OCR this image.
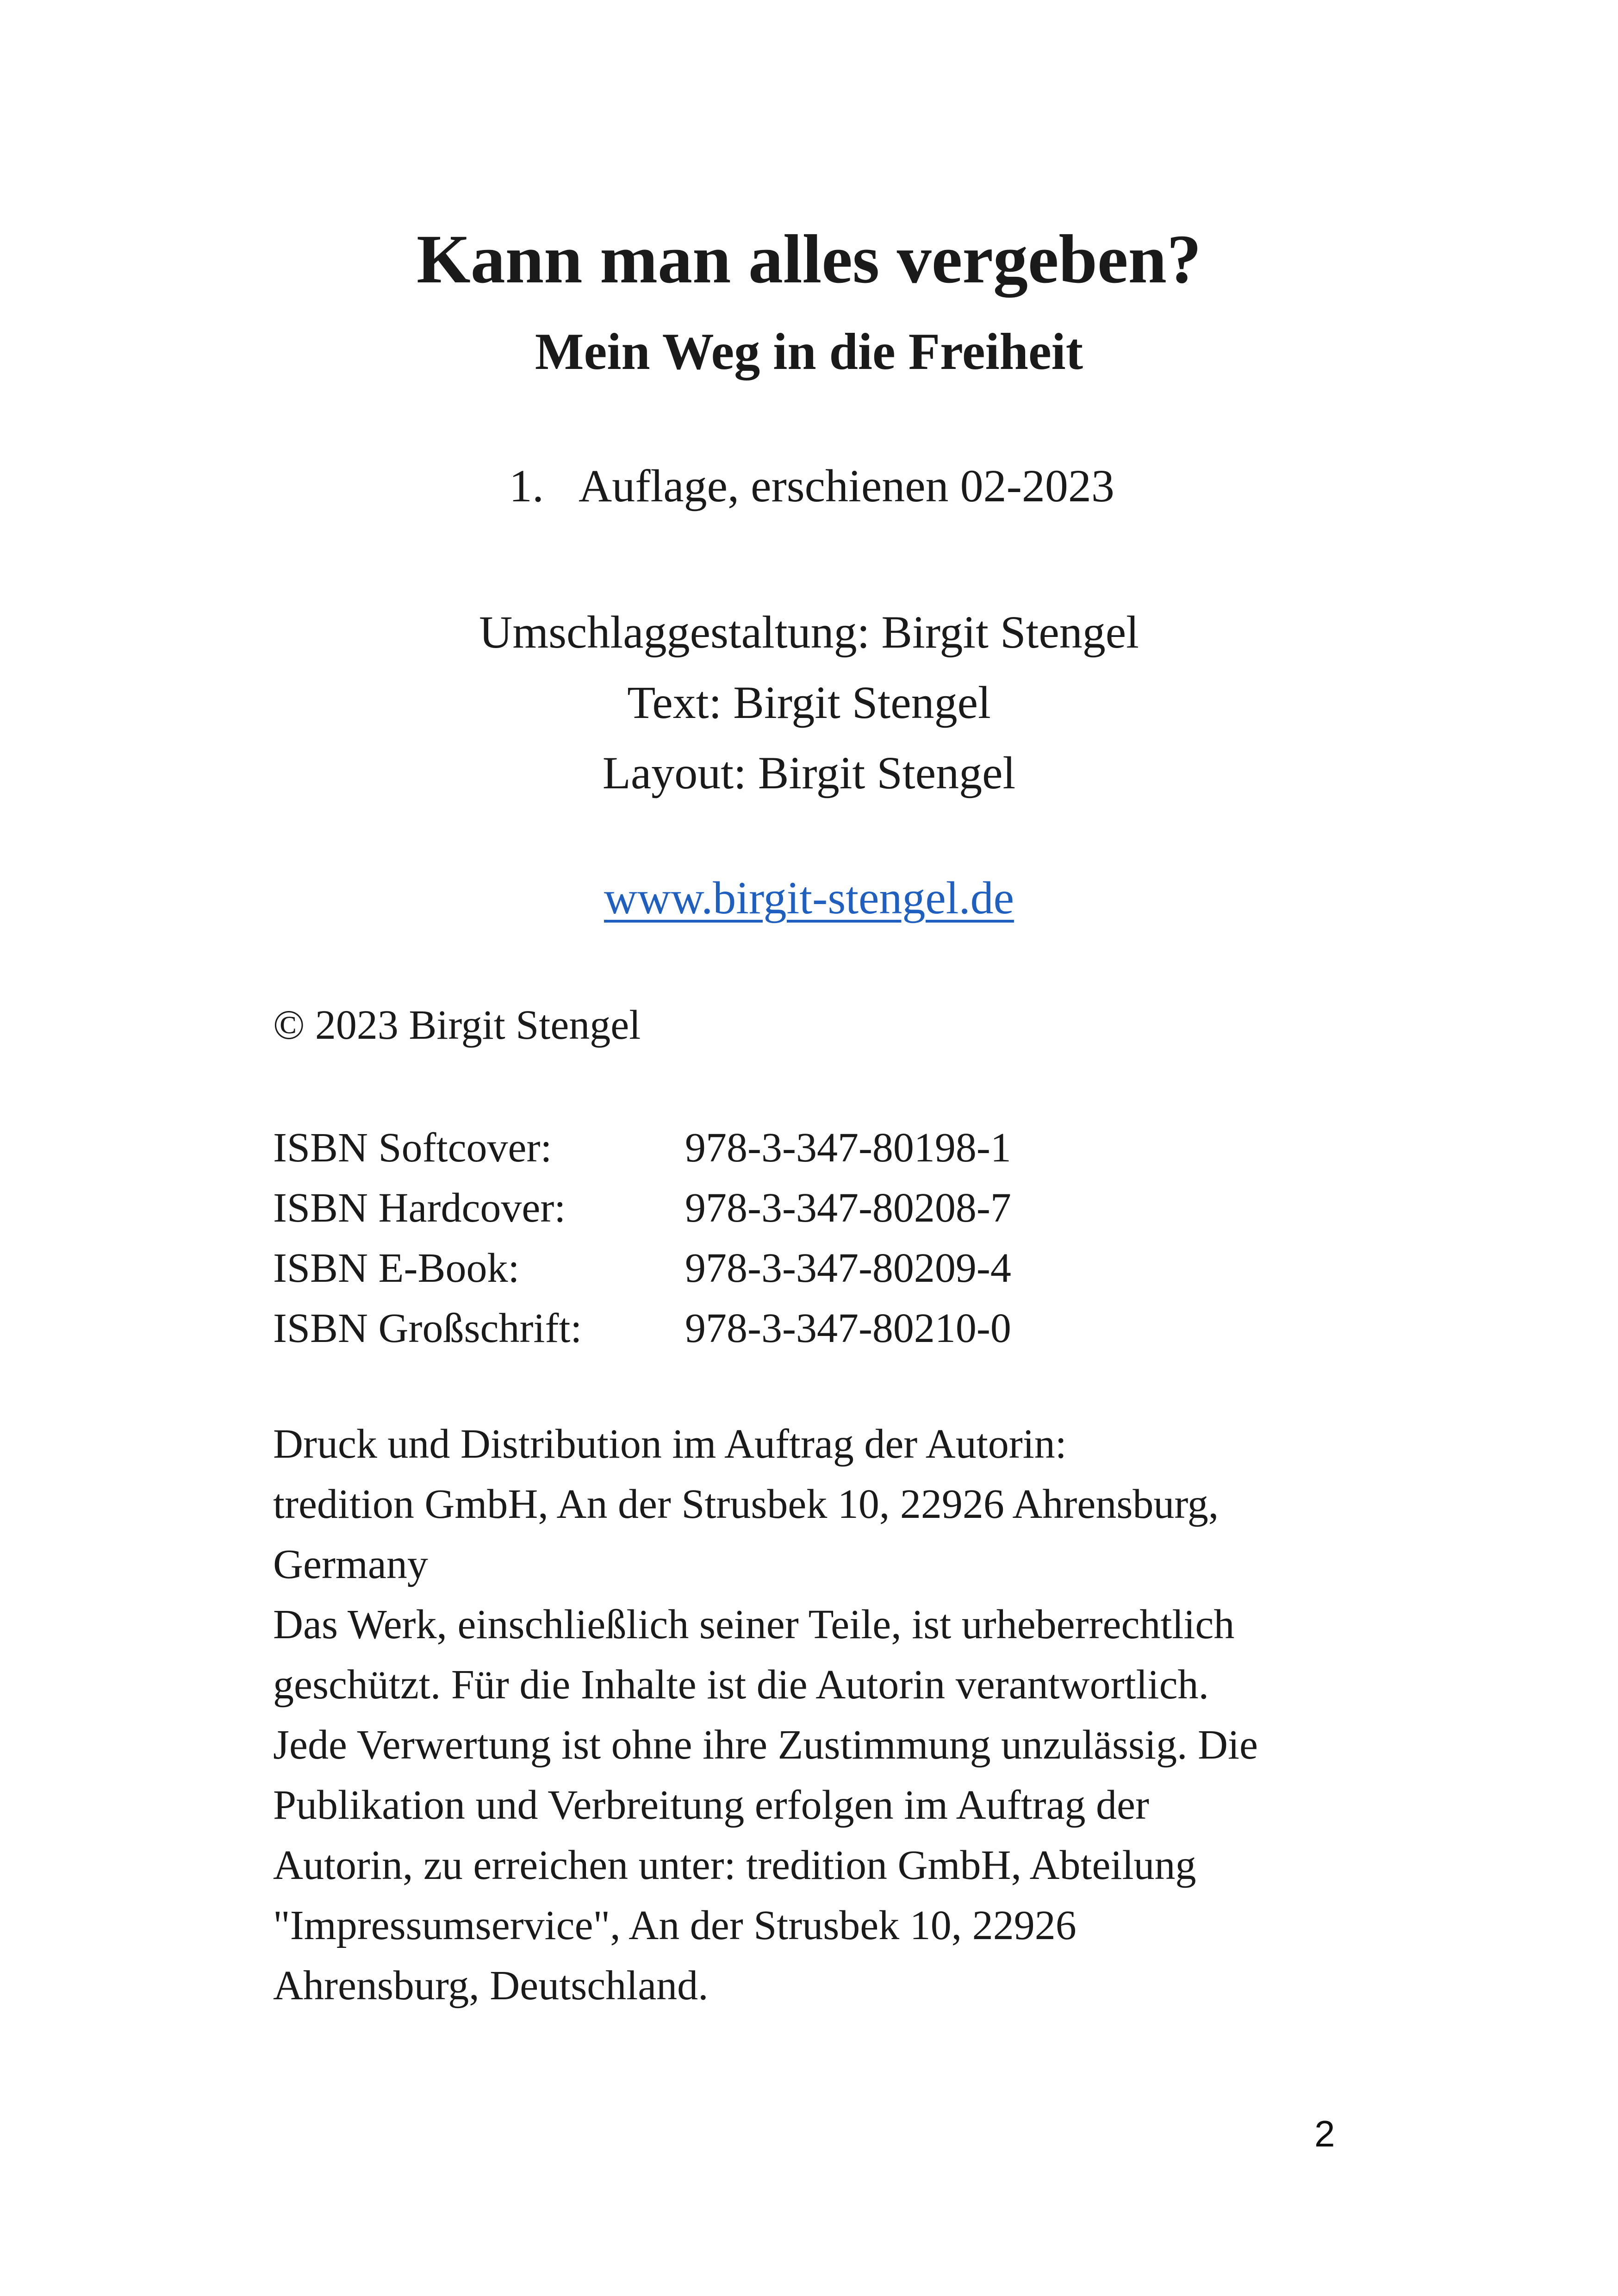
Kann man alles vergeben?
Mein Weg in die Freiheit
1. Auflage, erschienen 02-2023
Umschlaggestaltung: Birgit Stengel
Text: Birgit Stengel
Layout: Birgit Stengel
www.birgit-stengel.de
© 2023 Birgit Stengel
ISBN Softcover:	978-3-347-80198-1
ISBN Hardcover:	978-3-347-80208-7
ISBN E-Book:	978-3-347-80209-4
ISBN Großschrift: 978-3-347-80210-0
Druck und Distribution im Auftrag der Autorin:
tredition GmbH, An der Strusbek 10, 22926 Ahrensburg,
Germany
Das Werk, einschließlich seiner Teile, ist urheberrechtlich
geschützt. Für die Inhalte ist die Autorin verantwortlich.
Jede Verwertung ist ohne ihre Zustimmung unzulässig. Die
Publikation und Verbreitung erfolgen im Auftrag der
Autorin, zu erreichen unter: tredition GmbH, Abteilung
"Impressumservice", An der Strusbek 10, 22926
Ahrensburg, Deutschland.
2
